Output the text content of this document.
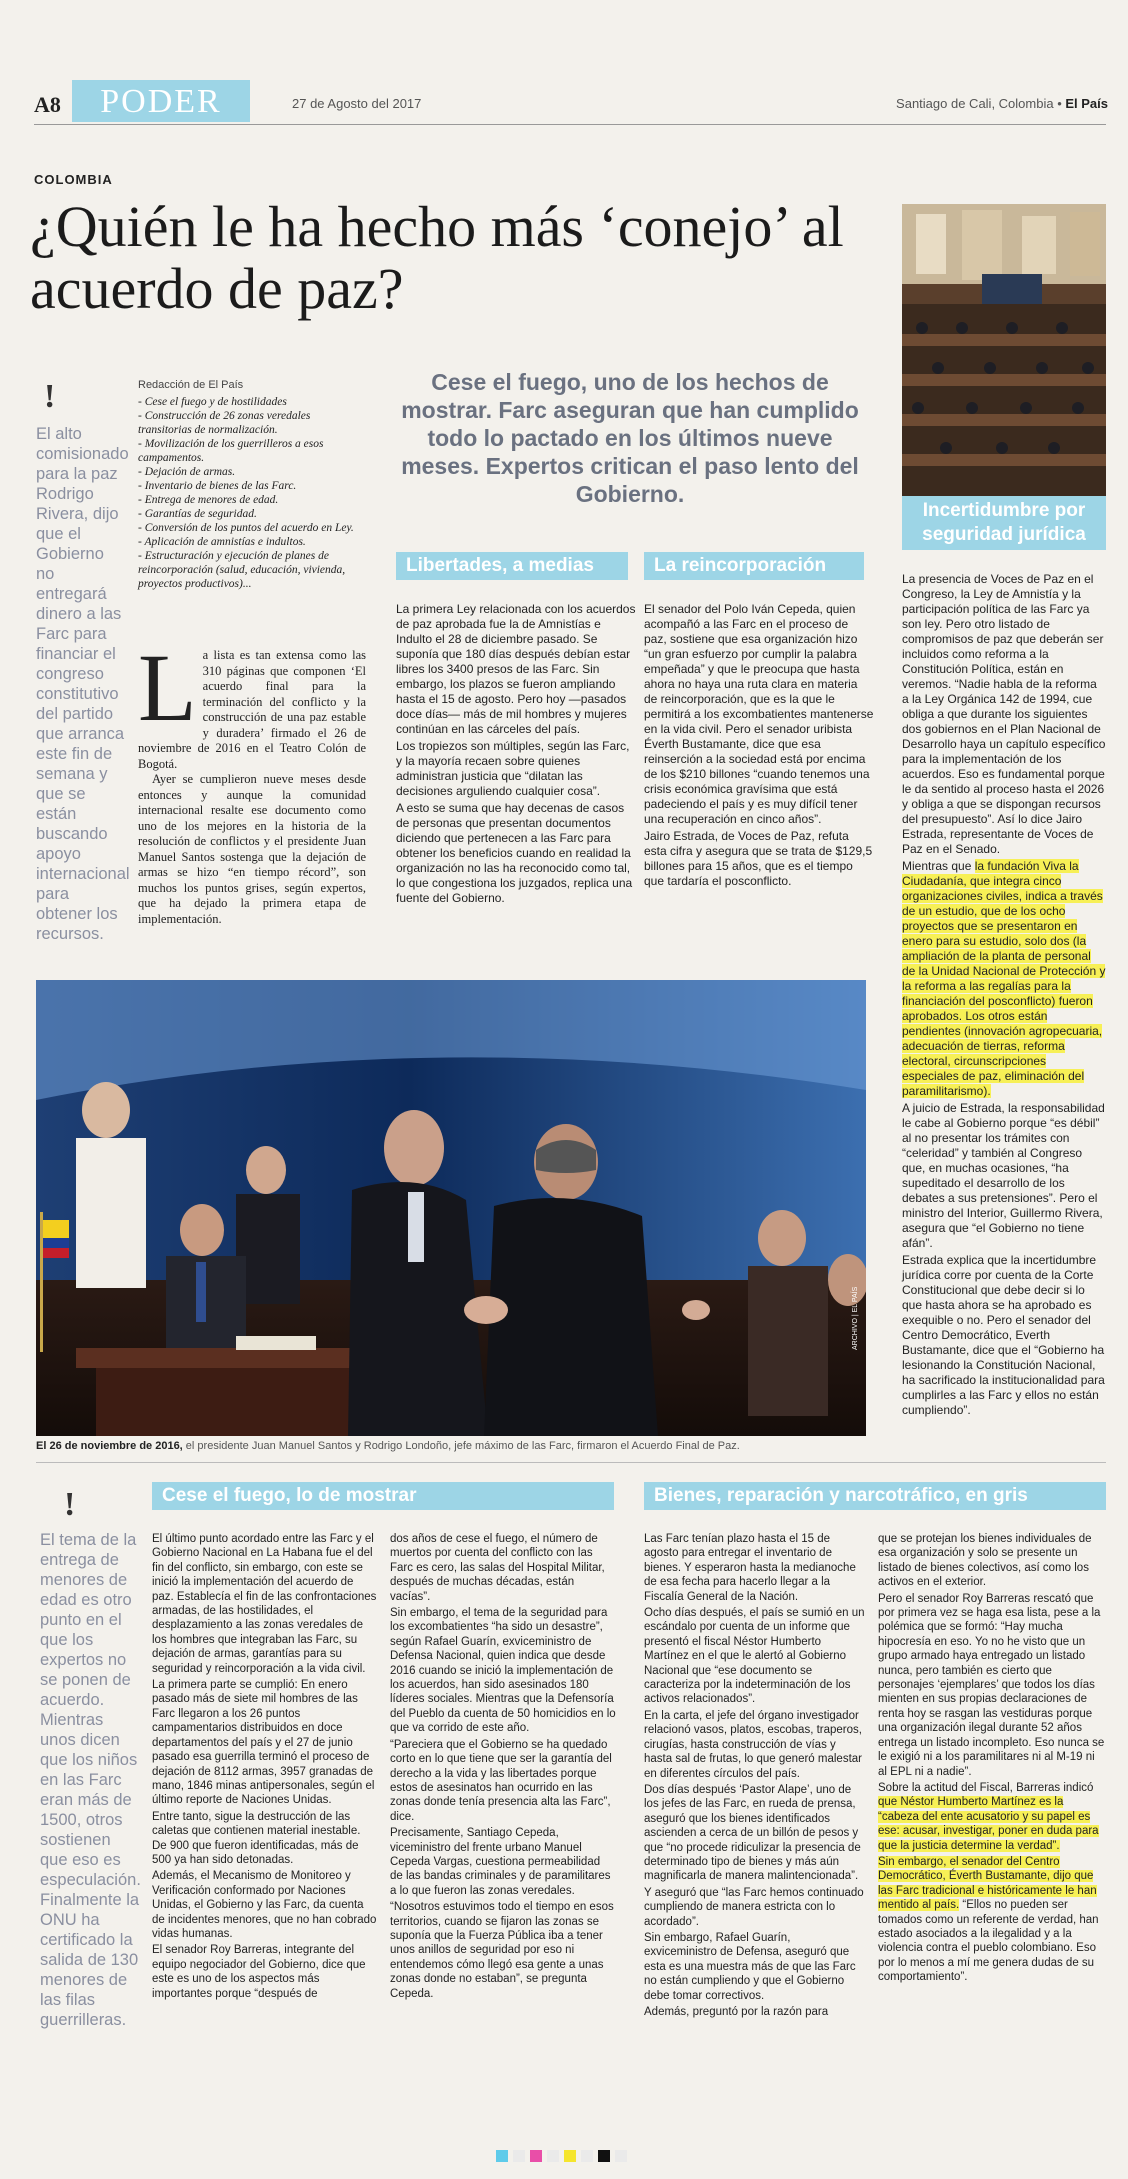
A8	PODER	27 de Agosto del 2017	Santiago de Cali, Colombia • El País
COLOMBIA
¿Quién le ha hecho más ‘conejo’ al acuerdo de paz?
!
El alto comisionado para la paz Rodrigo Rivera, dijo que el Gobierno no entregará dinero a las Farc para financiar el congreso constitutivo del partido que arranca este fin de semana y que se están buscando apoyo internacional para obtener los recursos.
Redacción de El País
- Cese el fuego y de hostilidades
- Construcción de 26 zonas veredales transitorias de normalización.
- Movilización de los guerrilleros a esos campamentos.
- Dejación de armas.
- Inventario de bienes de las Farc.
- Entrega de menores de edad.
- Garantías de seguridad.
- Conversión de los puntos del acuerdo en Ley.
- Aplicación de amnistías e indultos.
- Estructuración y ejecución de planes de reincorporación (salud, educación, vivienda, proyectos productivos)...
L a lista es tan extensa como las 310 páginas que componen ‘El acuerdo final para la terminación del conflicto y la construcción de una paz estable y duradera’ firmado el 26 de noviembre de 2016 en el Teatro Colón de Bogotá.
Ayer se cumplieron nueve meses desde entonces y aunque la comunidad internacional resalte ese documento como uno de los mejores en la historia de la resolución de conflictos y el presidente Juan Manuel Santos sostenga que la dejación de armas se hizo “en tiempo récord”, son muchos los puntos grises, según expertos, que ha dejado la primera etapa de implementación.
Cese el fuego, uno de los hechos de mostrar. Farc aseguran que han cumplido todo lo pactado en los últimos nueve meses. Expertos critican el paso lento del Gobierno.
Libertades, a medias

La primera Ley relacionada con los acuerdos de paz aprobada fue la de Amnistías e Indulto el 28 de diciembre pasado. Se suponía que 180 días después debían estar libres los 3400 presos de las Farc. Sin embargo, los plazos se fueron ampliando hasta el 15 de agosto. Pero hoy —pasados doce días— más de mil hombres y mujeres continúan en las cárceles del país.

Los tropiezos son múltiples, según las Farc, y la mayoría recaen sobre quienes administran justicia que “dilatan las decisiones arguliendo cualquier cosa”.

A esto se suma que hay decenas de casos de personas que presentan documentos diciendo que pertenecen a las Farc para obtener los beneficios cuando en realidad la organización no las ha reconocido como tal, lo que congestiona los juzgados, replica una fuente del Gobierno.

La reincorporación

El senador del Polo Iván Cepeda, quien acompañó a las Farc en el proceso de paz, sostiene que esa organización hizo “un gran esfuerzo por cumplir la palabra empeñada” y que le preocupa que hasta ahora no haya una ruta clara en materia de reincorporación, que es la que le permitirá a los excombatientes mantenerse en la vida civil. Pero el senador uribista Éverth Bustamante, dice que esa reinserción a la sociedad está por encima de los $210 billones “cuando tenemos una crisis económica gravísima que está padeciendo el país y es muy difícil tener una recuperación en cinco años”.

Jairo Estrada, de Voces de Paz, refuta esta cifra y asegura que se trata de $129,5 billones para 15 años, que es el tiempo que tardaría el posconflicto.

Incertidumbre por seguridad jurídica

La presencia de Voces de Paz en el Congreso, la Ley de Amnistía y la participación política de las Farc ya son ley. Pero otro listado de compromisos de paz que deberán ser incluidos como reforma a la Constitución Política, están en veremos. “Nadie habla de la reforma a la Ley Orgánica 142 de 1994, cue obliga a que durante los siguientes dos gobiernos en el Plan Nacional de Desarrollo haya un capítulo específico para la implementación de los acuerdos. Eso es fundamental porque le da sentido al proceso hasta el 2026 y obliga a que se dispongan recursos del presupuesto”. Así lo dice Jairo Estrada, representante de Voces de Paz en el Senado.

Mientras que la fundación Viva la Ciudadanía, que integra cinco organizaciones civiles, indica a través de un estudio, que de los ocho proyectos que se presentaron en enero para su estudio, solo dos (la ampliación de la planta de personal de la Unidad Nacional de Protección y la reforma a las regalías para la financiación del posconflicto) fueron aprobados. Los otros están pendientes (innovación agropecuaria, adecuación de tierras, reforma electoral, circunscripciones especiales de paz, eliminación del paramilitarismo).

A juicio de Estrada, la responsabilidad le cabe al Gobierno porque “es débil” al no presentar los trámites con “celeridad” y también al Congreso que, en muchas ocasiones, “ha supeditado el desarrollo de los debates a sus pretensiones”. Pero el ministro del Interior, Guillermo Rivera, asegura que “el Gobierno no tiene afán”.

Estrada explica que la incertidumbre jurídica corre por cuenta de la Corte Constitucional que debe decir si lo que hasta ahora se ha aprobado es exequible o no. Pero el senador del Centro Democrático, Everth Bustamante, dice que el “Gobierno ha lesionando la Constitución Nacional, ha sacrificado la institucionalidad para cumplirles a las Farc y ellos no están cumpliendo”.

ARCHIVO | EL PAÍS
El 26 de noviembre de 2016, el presidente Juan Manuel Santos y Rodrigo Londoño, jefe máximo de las Farc, firmaron el Acuerdo Final de Paz.
!
El tema de la entrega de menores de edad es otro punto en el que los expertos no se ponen de acuerdo. Mientras unos dicen que los niños en las Farc eran más de 1500, otros sostienen que eso es especulación. Finalmente la ONU ha certificado la salida de 130 menores de las filas guerrilleras.
Cese el fuego, lo de mostrar

El último punto acordado entre las Farc y el Gobierno Nacional en La Habana fue el del fin del conflicto, sin embargo, con este se inició la implementación del acuerdo de paz. Establecía el fin de las confrontaciones armadas, de las hostilidades, el desplazamiento a las zonas veredales de los hombres que integraban las Farc, su dejación de armas, garantías para su seguridad y reincorporación a la vida civil.

La primera parte se cumplió: En enero pasado más de siete mil hombres de las Farc llegaron a los 26 puntos campamentarios distribuidos en doce departamentos del país y el 27 de junio pasado esa guerrilla terminó el proceso de dejación de 8112 armas, 3957 granadas de mano, 1846 minas antipersonales, según el último reporte de Naciones Unidas.

Entre tanto, sigue la destrucción de las caletas que contienen material inestable. De 900 que fueron identificadas, más de 500 ya han sido detonadas.

Además, el Mecanismo de Monitoreo y Verificación conformado por Naciones Unidas, el Gobierno y las Farc, da cuenta de incidentes menores, que no han cobrado vidas humanas.

El senador Roy Barreras, integrante del equipo negociador del Gobierno, dice que este es uno de los aspectos más importantes porque “después de

dos años de cese el fuego, el número de muertos por cuenta del conflicto con las Farc es cero, las salas del Hospital Militar, después de muchas décadas, están vacías”.

Sin embargo, el tema de la seguridad para los excombatientes “ha sido un desastre”, según Rafael Guarín, exviceministro de Defensa Nacional, quien indica que desde 2016 cuando se inició la implementación de los acuerdos, han sido asesinados 180 líderes sociales. Mientras que la Defensoría del Pueblo da cuenta de 50 homicidios en lo que va corrido de este año.

“Pareciera que el Gobierno se ha quedado corto en lo que tiene que ser la garantía del derecho a la vida y las libertades porque estos de asesinatos han ocurrido en las zonas donde tenía presencia alta las Farc”, dice.

Precisamente, Santiago Cepeda, viceministro del frente urbano Manuel Cepeda Vargas, cuestiona permeabilidad de las bandas criminales y de paramilitares a lo que fueron las zonas veredales.

“Nosotros estuvimos todo el tiempo en esos territorios, cuando se fijaron las zonas se suponía que la Fuerza Pública iba a tener unos anillos de seguridad por eso ni entendemos cómo llegó esa gente a unas zonas donde no estaban”, se pregunta Cepeda.

Bienes, reparación y narcotráfico, en gris

Las Farc tenían plazo hasta el 15 de agosto para entregar el inventario de bienes. Y esperaron hasta la medianoche de esa fecha para hacerlo llegar a la Fiscalía General de la Nación.

Ocho días después, el país se sumió en un escándalo por cuenta de un informe que presentó el fiscal Néstor Humberto Martínez en el que le alertó al Gobierno Nacional que “ese documento se caracteriza por la indeterminación de los activos relacionados”.

En la carta, el jefe del órgano investigador relacionó vasos, platos, escobas, traperos, cirugías, hasta construcción de vías y hasta sal de frutas, lo que generó malestar en diferentes círculos del país.

Dos días después ‘Pastor Alape’, uno de los jefes de las Farc, en rueda de prensa, aseguró que los bienes identificados ascienden a cerca de un billón de pesos y que “no procede ridiculizar la presencia de determinado tipo de bienes y más aún magnificarla de manera malintencionada”.

Y aseguró que “las Farc hemos continuado cumpliendo de manera estricta con lo acordado”.

Sin embargo, Rafael Guarín, exviceministro de Defensa, aseguró que esta es una muestra más de que las Farc no están cumpliendo y que el Gobierno debe tomar correctivos.

Además, preguntó por la razón para

que se protejan los bienes individuales de esa organización y solo se presente un listado de bienes colectivos, así como los activos en el exterior.

Pero el senador Roy Barreras rescató que por primera vez se haga esa lista, pese a la polémica que se formó: “Hay mucha hipocresía en eso. Yo no he visto que un grupo armado haya entregado un listado nunca, pero también es cierto que personajes ‘ejemplares’ que todos los días mienten en sus propias declaraciones de renta hoy se rasgan las vestiduras porque una organización ilegal durante 52 años entrega un listado incompleto. Eso nunca se le exigió ni a los paramilitares ni al M-19 ni al EPL ni a nadie”.

Sobre la actitud del Fiscal, Barreras indicó que Néstor Humberto Martínez es la “cabeza del ente acusatorio y su papel es ese: acusar, investigar, poner en duda para que la justicia determine la verdad”.

Sin embargo, el senador del Centro Democrático, Éverth Bustamante, dijo que las Farc tradicional e históricamente le han mentido al país. “Ellos no pueden ser tomados como un referente de verdad, han estado asociados a la ilegalidad y a la violencia contra el pueblo colombiano. Eso por lo menos a mí me genera dudas de su comportamiento”.
